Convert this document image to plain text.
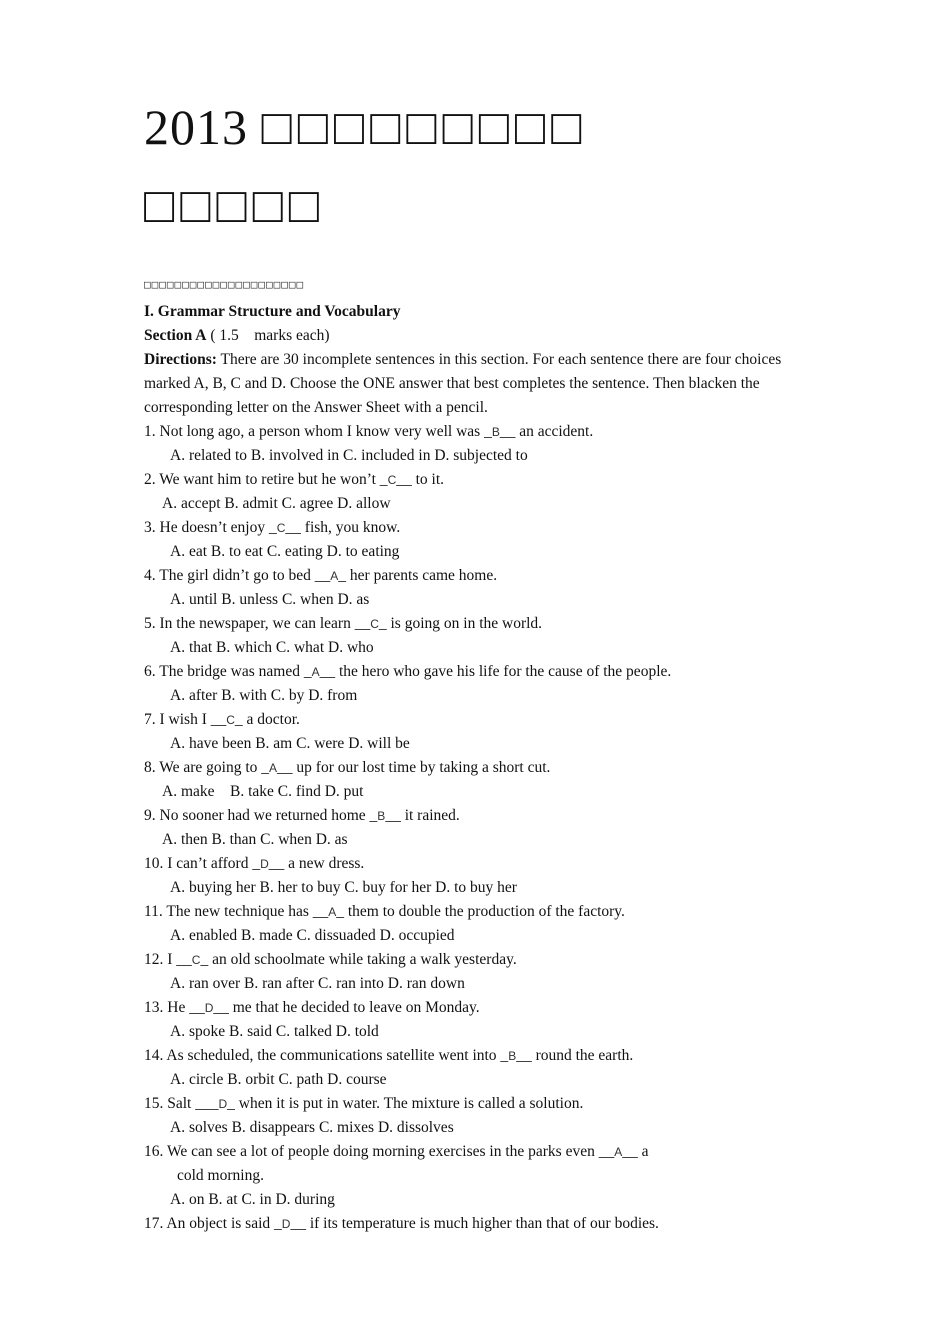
2013 □□□□□□□□□
□□□□□
□□□□□□□□□□□□□□□□□□□□□

I. Grammar Structure and Vocabulary

Section A ( 1.5    marks each)

Directions: There are 30 incomplete sentences in this section. For each sentence there are four choices marked A, B, C and D. Choose the ONE answer that best completes the sentence. Then blacken the corresponding letter on the Answer Sheet with a pencil.

1. Not long ago, a person whom I know very well was _B__ an accident.

A. related to B. involved in C. included in D. subjected to

2. We want him to retire but he won’t _C__ to it.

A. accept B. admit C. agree D. allow

3. He doesn’t enjoy _C__ fish, you know.

A. eat B. to eat C. eating D. to eating

4. The girl didn’t go to bed __A_ her parents came home.

A. until B. unless C. when D. as

5. In the newspaper, we can learn __C_ is going on in the world.

A. that B. which C. what D. who

6. The bridge was named _A__ the hero who gave his life for the cause of the people.

A. after B. with C. by D. from

7. I wish I __C_ a doctor.

A. have been B. am C. were D. will be

8. We are going to _A__ up for our lost time by taking a short cut.

A. make    B. take C. find D. put

9. No sooner had we returned home _B__ it rained.

A. then B. than C. when D. as

10. I can’t afford _D__ a new dress.

A. buying her B. her to buy C. buy for her D. to buy her

11. The new technique has __A_ them to double the production of the factory.

A. enabled B. made C. dissuaded D. occupied

12. I __C_ an old schoolmate while taking a walk yesterday.

A. ran over B. ran after C. ran into D. ran down

13. He __D__ me that he decided to leave on Monday.

A. spoke B. said C. talked D. told

14. As scheduled, the communications satellite went into _B__ round the earth.

A. circle B. orbit C. path D. course

15. Salt ___D_ when it is put in water. The mixture is called a solution.

A. solves B. disappears C. mixes D. dissolves

16. We can see a lot of people doing morning exercises in the parks even __A__ a

cold morning.

A. on B. at C. in D. during

17. An object is said _D__ if its temperature is much higher than that of our bodies.
